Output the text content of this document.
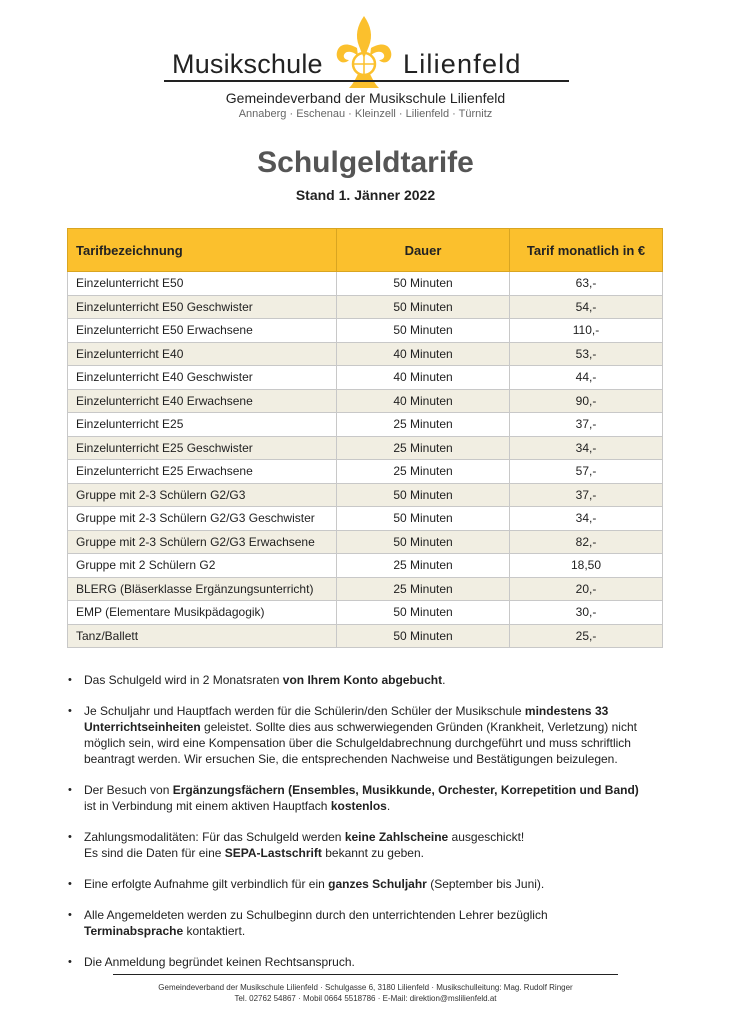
Musikschule	Lilienfeld
Gemeindeverband der Musikschule Lilienfeld
Annaberg · Eschenau · Kleinzell · Lilienfeld · Türnitz
Schulgeldtarife
Stand 1. Jänner 2022
Tarifbezeichnung	Dauer	Tarif monatlich in €
Einzelunterricht E50	50 Minuten	63,-
Einzelunterricht E50 Geschwister	50 Minuten	54,-
Einzelunterricht E50 Erwachsene	50 Minuten	110,-
Einzelunterricht E40	40 Minuten	53,-
Einzelunterricht E40 Geschwister	40 Minuten	44,-
Einzelunterricht E40 Erwachsene	40 Minuten	90,-
Einzelunterricht E25	25 Minuten	37,-
Einzelunterricht E25 Geschwister	25 Minuten	34,-
Einzelunterricht E25 Erwachsene	25 Minuten	57,-
Gruppe mit 2-3 Schülern G2/G3	50 Minuten	37,-
Gruppe mit 2-3 Schülern G2/G3 Geschwister	50 Minuten	34,-
Gruppe mit 2-3 Schülern G2/G3 Erwachsene	50 Minuten	82,-
Gruppe mit 2 Schülern G2	25 Minuten	18,50
BLERG (Bläserklasse Ergänzungsunterricht)	25 Minuten	20,-
EMP (Elementare Musikpädagogik)	50 Minuten	30,-
Tanz/Ballett	50 Minuten	25,-
• Das Schulgeld wird in 2 Monatsraten von Ihrem Konto abgebucht.
• Je Schuljahr und Hauptfach werden für die Schülerin/den Schüler der Musikschule mindestens 33 Unterrichtseinheiten geleistet. Sollte dies aus schwerwiegenden Gründen (Krankheit, Verletzung) nicht möglich sein, wird eine Kompensation über die Schulgeldabrechnung durchgeführt und muss schriftlich beantragt werden. Wir ersuchen Sie, die entsprechenden Nachweise und Bestätigungen beizulegen.
• Der Besuch von Ergänzungsfächern (Ensembles, Musikkunde, Orchester, Korrepetition und Band)
ist in Verbindung mit einem aktiven Hauptfach kostenlos.
• Zahlungsmodalitäten: Für das Schulgeld werden keine Zahlscheine ausgeschickt!
Es sind die Daten für eine SEPA-Lastschrift bekannt zu geben.
• Eine erfolgte Aufnahme gilt verbindlich für ein ganzes Schuljahr (September bis Juni).
• Alle Angemeldeten werden zu Schulbeginn durch den unterrichtenden Lehrer bezüglich
Terminabsprache kontaktiert.
• Die Anmeldung begründet keinen Rechtsanspruch.
Gemeindeverband der Musikschule Lilienfeld · Schulgasse 6, 3180 Lilienfeld · Musikschulleitung: Mag. Rudolf Ringer
Tel. 02762 54867 · Mobil 0664 5518786 · E-Mail: direktion@mslilienfeld.at
